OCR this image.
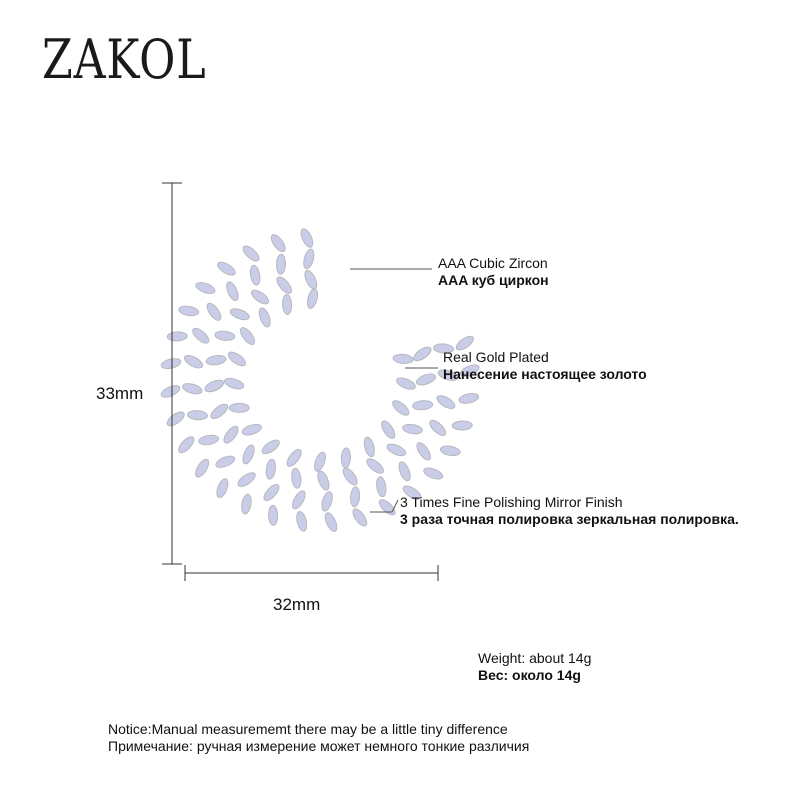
ZAKOL
33mm
32mm
AAA Cubic Zircon
AAA куб циркон
Real Gold Plated
Нанесение настоящее золото
3 Times Fine Polishing Mirror Finish
3 раза точная полировка зеркальная полировка.
Weight: about 14g
Вес: около 14g
Notice:Manual measurememt there may be a little tiny difference
Примечание: ручная измерение может немного тонкие различия
